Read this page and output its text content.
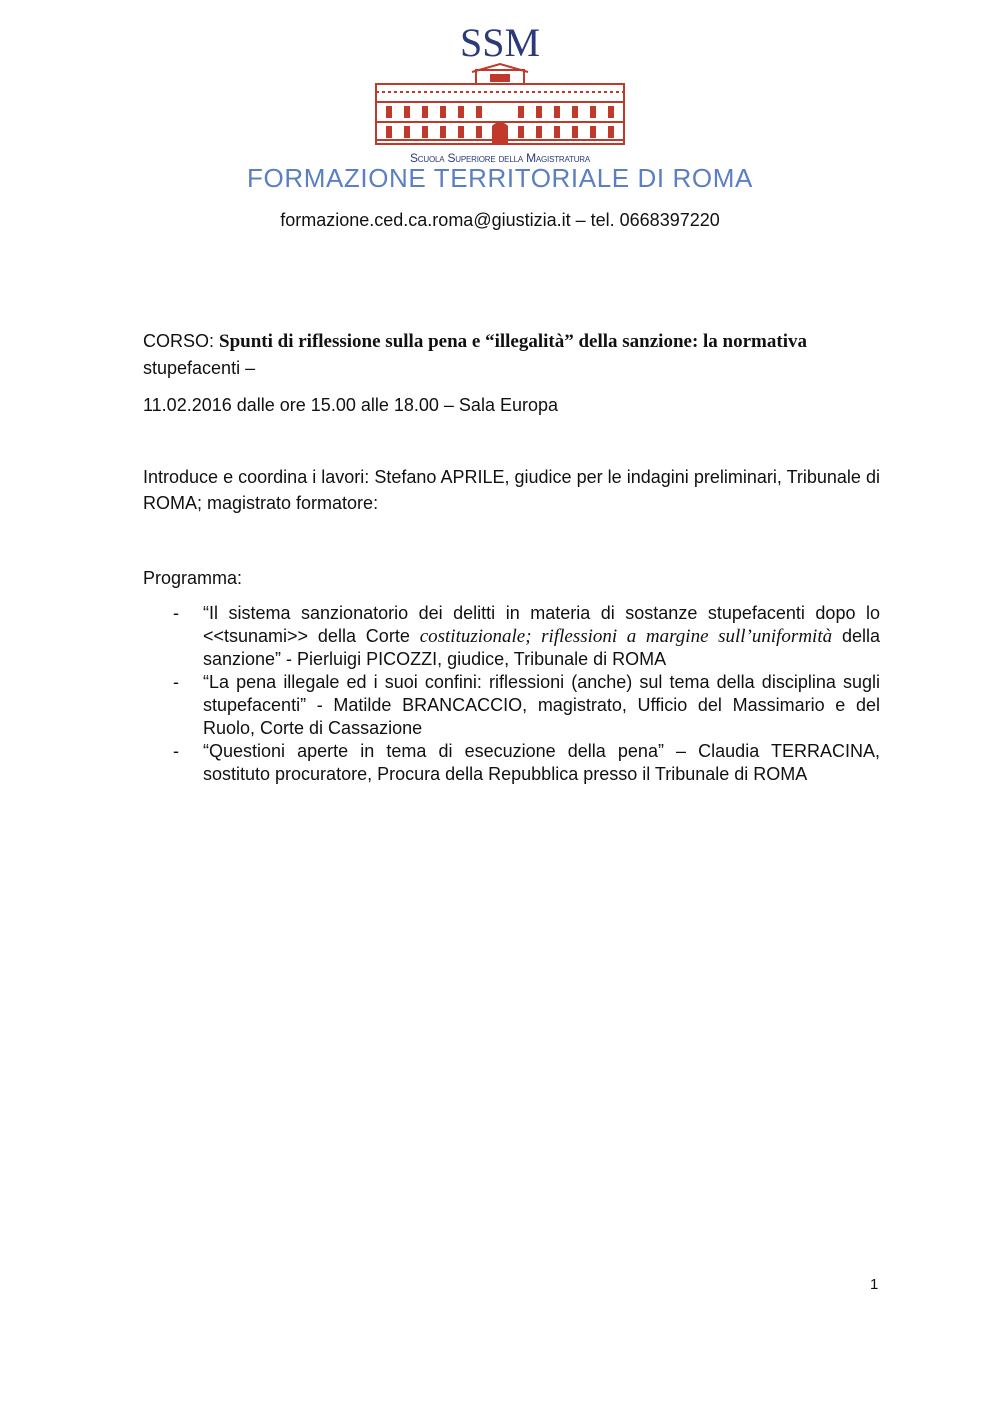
SSM
Scuola Superiore della Magistratura
FORMAZIONE TERRITORIALE DI ROMA
formazione.ced.ca.roma@giustizia.it – tel. 0668397220
CORSO: Spunti di riflessione sulla pena e “illegalità” della sanzione: la normativa
stupefacenti –
11.02.2016 dalle ore 15.00 alle 18.00 – Sala Europa
Introduce e coordina i lavori: Stefano APRILE, giudice per le indagini preliminari, Tribunale di ROMA; magistrato formatore:
Programma:
- “Il sistema sanzionatorio dei delitti in materia di sostanze stupefacenti dopo lo <<tsunami>> della Corte costituzionale; riflessioni a margine sull’uniformità della sanzione” - Pierluigi PICOZZI, giudice, Tribunale di ROMA
- “La pena illegale ed i suoi confini: riflessioni (anche) sul tema della disciplina sugli stupefacenti” - Matilde BRANCACCIO, magistrato, Ufficio del Massimario e del Ruolo, Corte di Cassazione
- “Questioni aperte in tema di esecuzione della pena” – Claudia TERRACINA, sostituto procuratore, Procura della Repubblica presso il Tribunale di ROMA
1
